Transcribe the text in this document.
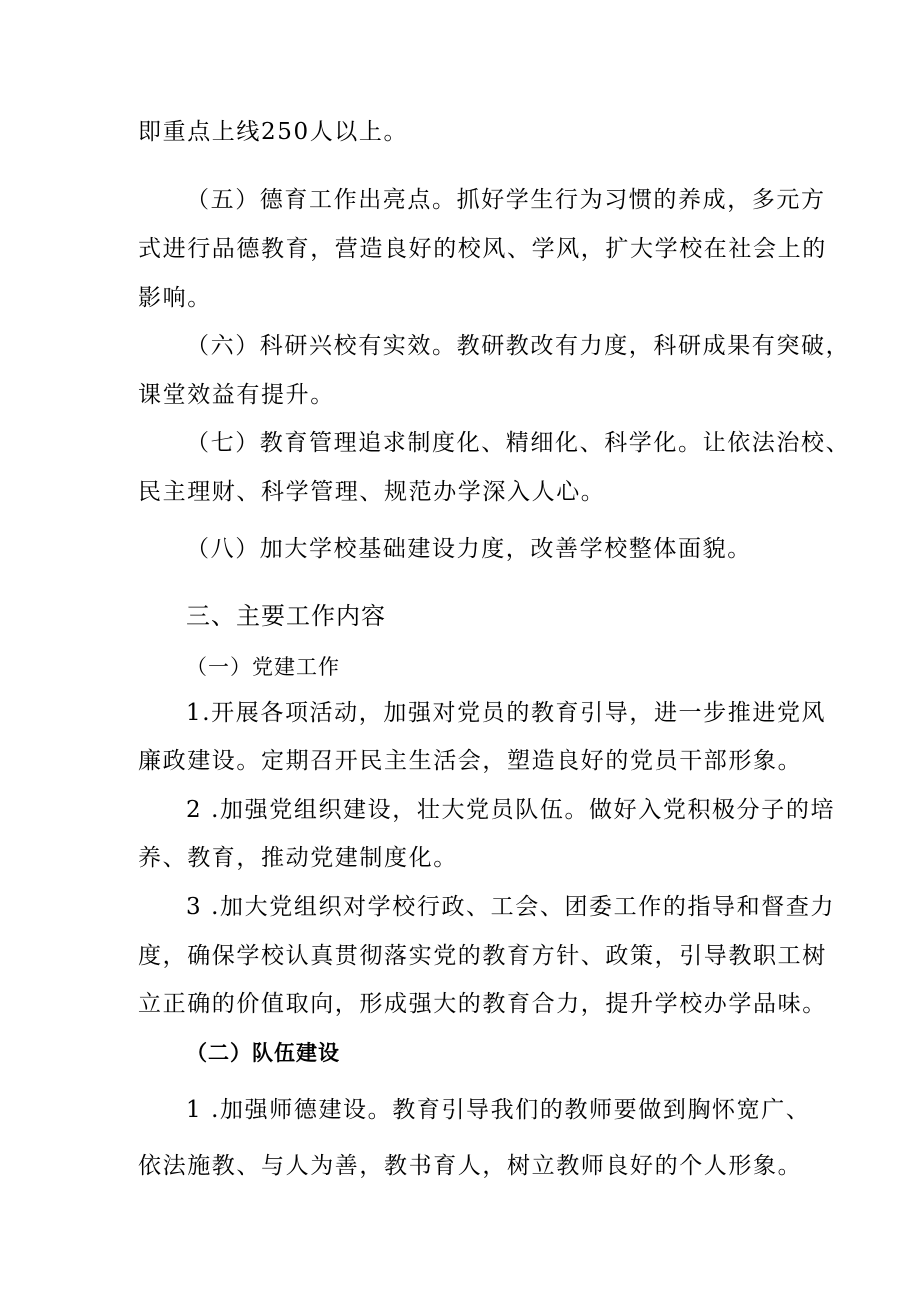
即重点上线250人以上。
（五）德育工作出亮点。抓好学生行为习惯的养成，多元方
式进行品德教育，营造良好的校风、学风，扩大学校在社会上的
影响。
（六）科研兴校有实效。教研教改有力度，科研成果有突破，
课堂效益有提升。
（七）教育管理追求制度化、精细化、科学化。让依法治校、
民主理财、科学管理、规范办学深入人心。
（八）加大学校基础建设力度，改善学校整体面貌。
三、主要工作内容
（一）党建工作
1.开展各项活动，加强对党员的教育引导，进一步推进党风
廉政建设。定期召开民主生活会，塑造良好的党员干部形象。
2 .加强党组织建设，壮大党员队伍。做好入党积极分子的培
养、教育，推动党建制度化。
3 .加大党组织对学校行政、工会、团委工作的指导和督查力
度，确保学校认真贯彻落实党的教育方针、政策，引导教职工树
立正确的价值取向，形成强大的教育合力，提升学校办学品味。
（二）队伍建设
1 .加强师德建设。教育引导我们的教师要做到胸怀宽广、
依法施教、与人为善，教书育人，树立教师良好的个人形象。
